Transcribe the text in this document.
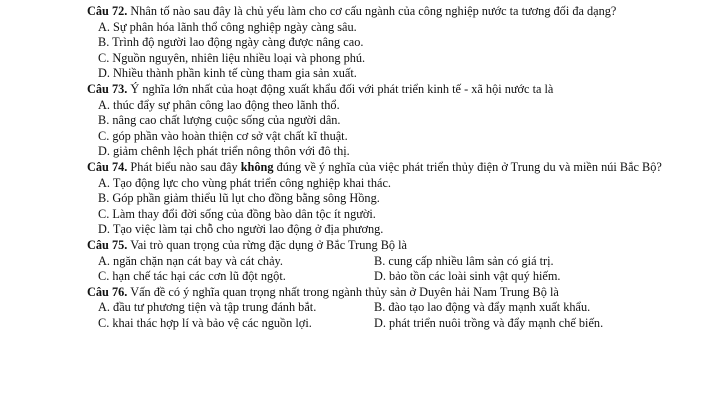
Câu 72. Nhân tố nào sau đây là chủ yếu làm cho cơ cấu ngành của công nghiệp nước ta tương đối đa dạng?

A. Sự phân hóa lãnh thổ công nghiệp ngày càng sâu.
B. Trình độ người lao động ngày càng được nâng cao.
C. Nguồn nguyên, nhiên liệu nhiều loại và phong phú.
D. Nhiều thành phần kinh tế cùng tham gia sản xuất.

Câu 73. Ý nghĩa lớn nhất của hoạt động xuất khẩu đối với phát triển kinh tế - xã hội nước ta là

A. thúc đẩy sự phân công lao động theo lãnh thổ.
B. nâng cao chất lượng cuộc sống của người dân.
C. góp phần vào hoàn thiện cơ sở vật chất kĩ thuật.
D. giảm chênh lệch phát triển nông thôn với đô thị.

Câu 74. Phát biểu nào sau đây không đúng về ý nghĩa của việc phát triển thủy điện ở Trung du và miền núi Bắc Bộ?

A. Tạo động lực cho vùng phát triển công nghiệp khai thác.
B. Góp phần giảm thiểu lũ lụt cho đồng bằng sông Hồng.
C. Làm thay đổi đời sống của đồng bào dân tộc ít người.
D. Tạo việc làm tại chỗ cho người lao động ở địa phương.

Câu 75. Vai trò quan trọng của rừng đặc dụng ở Bắc Trung Bộ là

A. ngăn chặn nạn cát bay và cát chảy.	B. cung cấp nhiều lâm sản có giá trị.
C. hạn chế tác hại các cơn lũ đột ngột.	D. bảo tồn các loài sinh vật quý hiếm.

Câu 76. Vấn đề có ý nghĩa quan trọng nhất trong ngành thủy sản ở Duyên hải Nam Trung Bộ là

A. đầu tư phương tiện và tập trung đánh bắt.	B. đào tạo lao động và đẩy mạnh xuất khẩu.
C. khai thác hợp lí và bảo vệ các nguồn lợi.	D. phát triển nuôi trồng và đẩy mạnh chế biến.
